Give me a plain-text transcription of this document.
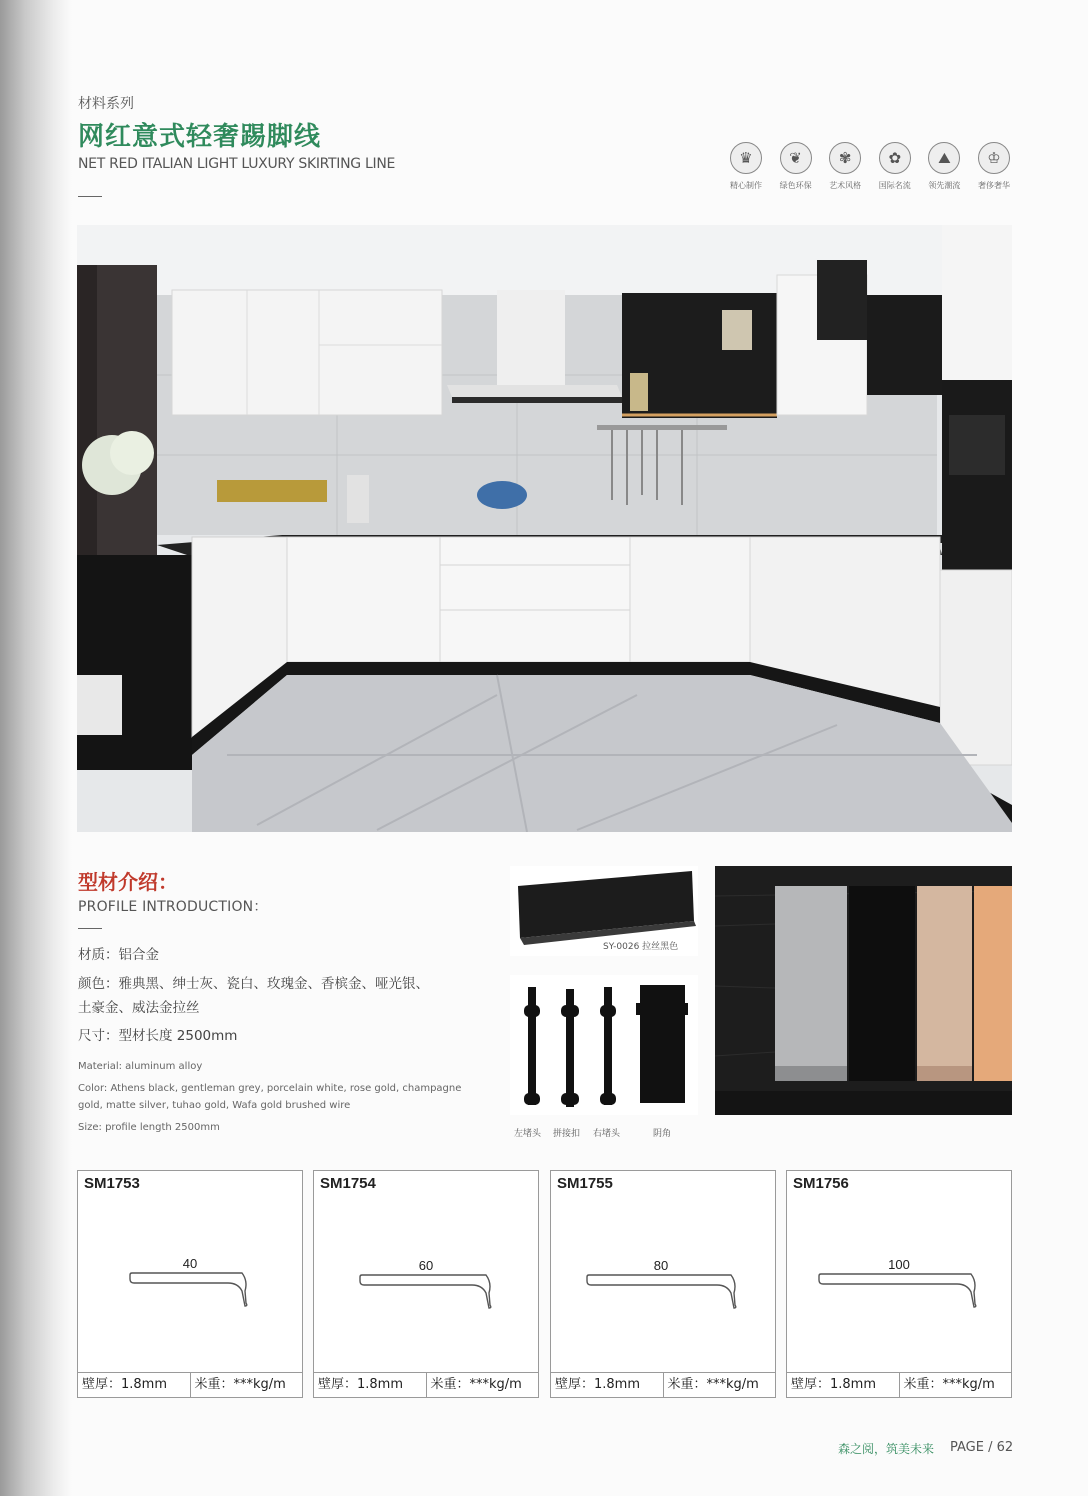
材料系列
网红意式轻奢踢脚线
NET RED ITALIAN LIGHT LUXURY SKIRTING LINE	♛
精心制作
❦
绿色环保
✾
艺术风格
✿
国际名流
⛰
领先潮流
♔
奢侈奢华
型材介绍：
PROFILE INTRODUCTION：
材质：铝合金
颜色：雅典黑、绅士灰、瓷白、玫瑰金、香槟金、哑光银、
土豪金、威法金拉丝
尺寸：型材长度 2500mm
Material: aluminum alloy
Color: Athens black, gentleman grey, porcelain white, rose gold, champagne
gold, matte silver, tuhao gold, Wafa gold brushed wire
Size: profile length 2500mm
SY-0026 拉丝黑色
左堵头 拼接扣 右堵头	阴角
SM1753
40
壁厚：1.8mm	米重：***kg/m
SM1754
60
壁厚：1.8mm	米重：***kg/m
SM1755
80
壁厚：1.8mm	米重：***kg/m
SM1756
100
壁厚：1.8mm	米重：***kg/m
森之阅，筑美未来 PAGE / 62
